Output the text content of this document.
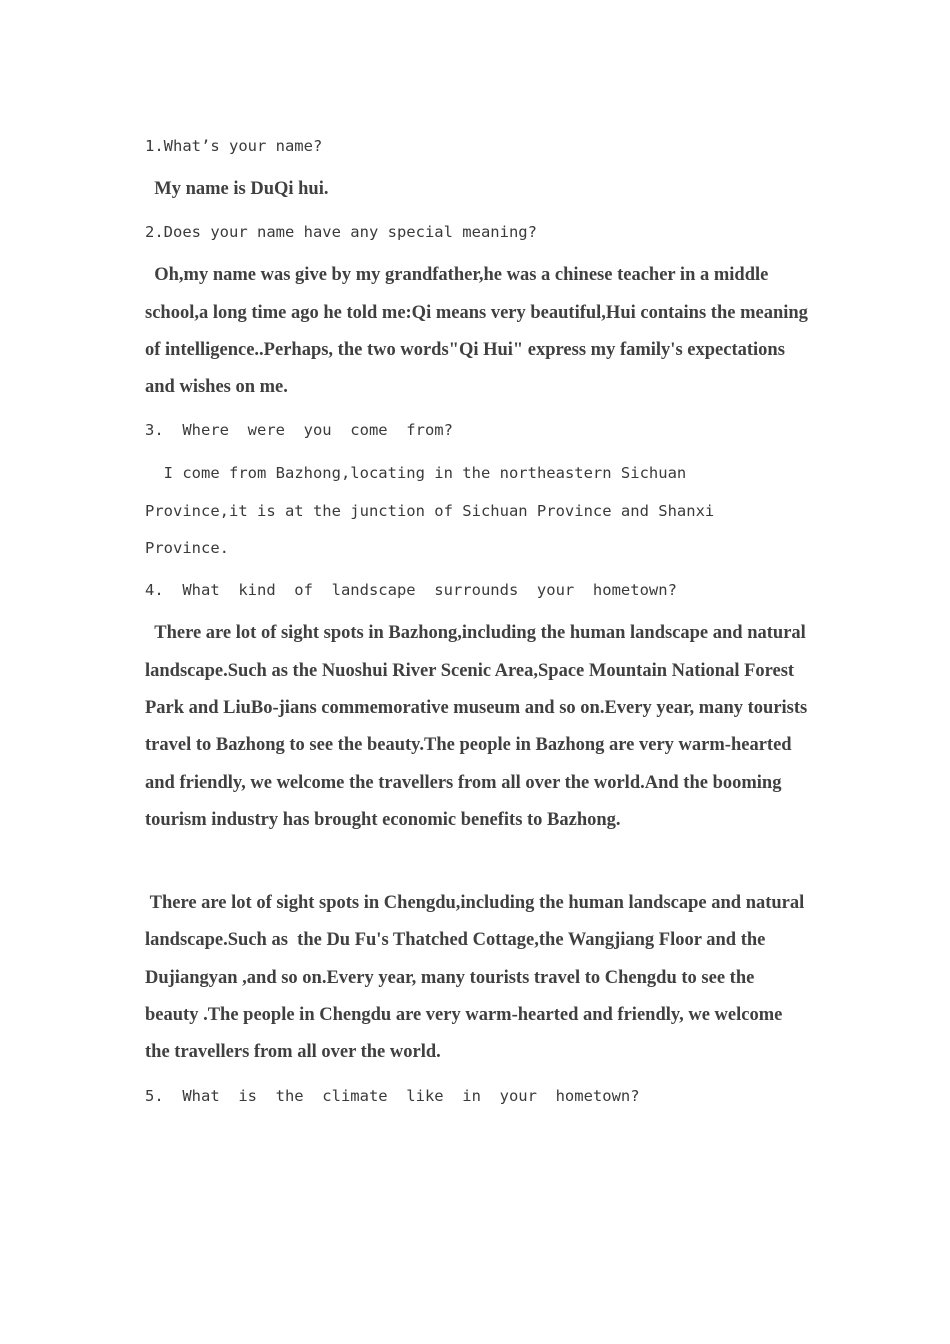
1.What’s your name?
My name is DuQi hui.
2.Does your name have any special meaning?
Oh,my name was give by my grandfather,he was a chinese teacher in a middle school,a long time ago he told me:Qi means very beautiful,Hui contains the meaning of intelligence..Perhaps, the two words"Qi Hui" express my family's expectations and wishes on me.
3.  Where  were  you  come  from?
I come from Bazhong,locating in the northeastern Sichuan
Province,it is at the junction of Sichuan Province and Shanxi
Province.
4.  What  kind  of  landscape  surrounds  your  hometown?
There are lot of sight spots in Bazhong,including the human landscape and natural landscape.Such as the Nuoshui River Scenic Area,Space Mountain National Forest Park and LiuBo-jians commemorative museum and so on.Every year, many tourists travel to Bazhong to see the beauty.The people in Bazhong are very warm-hearted and friendly, we welcome the travellers from all over the world.And the booming tourism industry has brought economic benefits to Bazhong.
There are lot of sight spots in Chengdu,including the human landscape and natural landscape.Such as  the Du Fu's Thatched Cottage,the Wangjiang Floor and the Dujiangyan ,and so on.Every year, many tourists travel to Chengdu to see the beauty .The people in Chengdu are very warm-hearted and friendly, we welcome the travellers from all over the world.
5.  What  is  the  climate  like  in  your  hometown?
